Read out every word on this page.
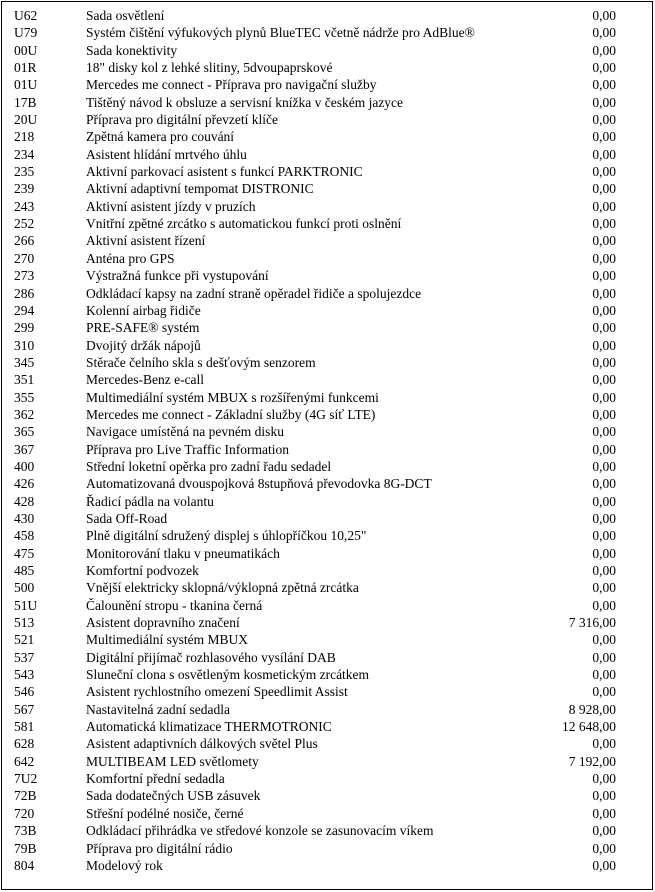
U62	Sada osvětlení	0,00
U79	Systém čištění výfukových plynů BlueTEC včetně nádrže pro AdBlue®	0,00
00U	Sada konektivity	0,00
01R	18" disky kol z lehké slitiny, 5dvoupaprskové	0,00
01U	Mercedes me connect - Příprava pro navigační služby	0,00
17B	Tištěný návod k obsluze a servisní knížka v českém jazyce	0,00
20U	Příprava pro digitální převzetí klíče	0,00
218	Zpětná kamera pro couvání	0,00
234	Asistent hlídání mrtvého úhlu	0,00
235	Aktivní parkovací asistent s funkcí PARKTRONIC	0,00
239	Aktivní adaptivní tempomat DISTRONIC	0,00
243	Aktivní asistent jízdy v pruzích	0,00
252	Vnitřní zpětné zrcátko s automatickou funkcí proti oslnění	0,00
266	Aktivní asistent řízení	0,00
270	Anténa pro GPS	0,00
273	Výstražná funkce při vystupování	0,00
286	Odkládací kapsy na zadní straně opěradel řidiče a spolujezdce	0,00
294	Kolenní airbag řidiče	0,00
299	PRE-SAFE® systém	0,00
310	Dvojitý držák nápojů	0,00
345	Stěrače čelního skla s dešťovým senzorem	0,00
351	Mercedes-Benz e-call	0,00
355	Multimediální systém MBUX s rozšířenými funkcemi	0,00
362	Mercedes me connect - Základní služby (4G síť LTE)	0,00
365	Navigace umístěná na pevném disku	0,00
367	Příprava pro Live Traffic Information	0,00
400	Střední loketní opěrka pro zadní řadu sedadel	0,00
426	Automatizovaná dvouspojková 8stupňová převodovka 8G-DCT	0,00
428	Řadicí pádla na volantu	0,00
430	Sada Off-Road	0,00
458	Plně digitální sdružený displej s úhlopříčkou 10,25"	0,00
475	Monitorování tlaku v pneumatikách	0,00
485	Komfortní podvozek	0,00
500	Vnější elektricky sklopná/výklopná zpětná zrcátka	0,00
51U	Čalounění stropu - tkanina černá	0,00
513	Asistent dopravního značení	7 316,00
521	Multimediální systém MBUX	0,00
537	Digitální přijímač rozhlasového vysílání DAB	0,00
543	Sluneční clona s osvětleným kosmetickým zrcátkem	0,00
546	Asistent rychlostního omezení Speedlimit Assist	0,00
567	Nastavitelná zadní sedadla	8 928,00
581	Automatická klimatizace THERMOTRONIC	12 648,00
628	Asistent adaptivních dálkových světel Plus	0,00
642	MULTIBEAM LED světlomety	7 192,00
7U2	Komfortní přední sedadla	0,00
72B	Sada dodatečných USB zásuvek	0,00
720	Střešní podélné nosiče, černé	0,00
73B	Odkládací přihrádka ve středové konzole se zasunovacím víkem	0,00
79B	Příprava pro digitální rádio	0,00
804	Modelový rok	0,00
